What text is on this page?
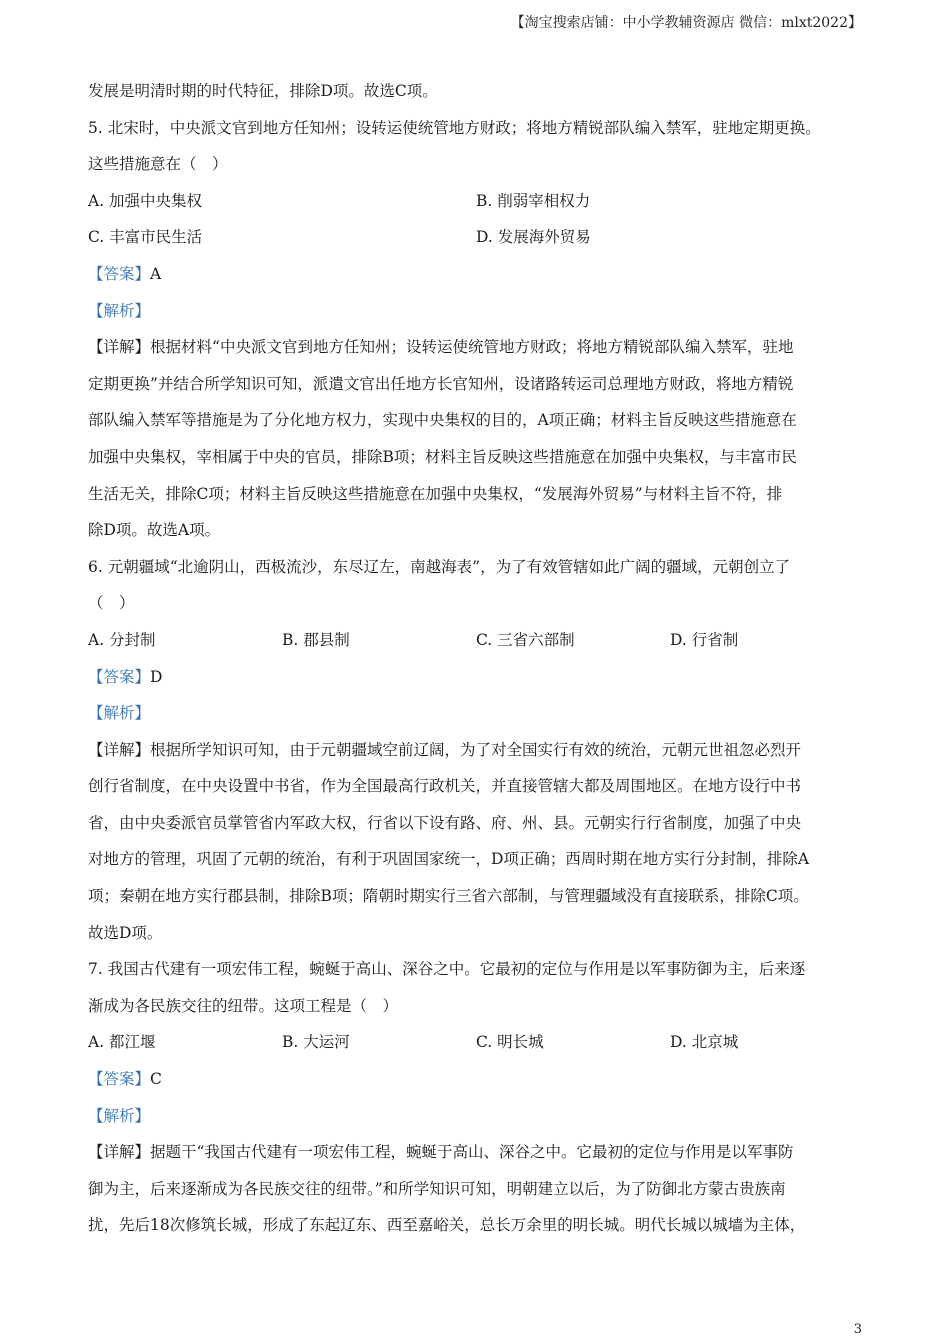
【淘宝搜索店铺：中小学教辅资源店 微信：mlxt2022】
发展是明清时期的时代特征，排除D项。故选C项。
5. 北宋时，中央派文官到地方任知州；设转运使统管地方财政；将地方精锐部队编入禁军，驻地定期更换。
这些措施意在（　）
A. 加强中央集权	B. 削弱宰相权力
C. 丰富市民生活	D. 发展海外贸易
【答案】A
【解析】
【详解】根据材料“中央派文官到地方任知州；设转运使统管地方财政；将地方精锐部队编入禁军，驻地
定期更换”并结合所学知识可知，派遣文官出任地方长官知州，设诸路转运司总理地方财政，将地方精锐
部队编入禁军等措施是为了分化地方权力，实现中央集权的目的，A项正确；材料主旨反映这些措施意在
加强中央集权，宰相属于中央的官员，排除B项；材料主旨反映这些措施意在加强中央集权，与丰富市民
生活无关，排除C项；材料主旨反映这些措施意在加强中央集权，“发展海外贸易”与材料主旨不符，排
除D项。故选A项。
6. 元朝疆域“北逾阴山，西极流沙，东尽辽左，南越海表”，为了有效管辖如此广阔的疆域，元朝创立了
（　）
A. 分封制	B. 郡县制	C. 三省六部制	D. 行省制
【答案】D
【解析】
【详解】根据所学知识可知，由于元朝疆域空前辽阔，为了对全国实行有效的统治，元朝元世祖忽必烈开
创行省制度，在中央设置中书省，作为全国最高行政机关，并直接管辖大都及周围地区。在地方设行中书
省，由中央委派官员掌管省内军政大权，行省以下设有路、府、州、县。元朝实行行省制度，加强了中央
对地方的管理，巩固了元朝的统治，有利于巩固国家统一，D项正确；西周时期在地方实行分封制，排除A
项；秦朝在地方实行郡县制，排除B项；隋朝时期实行三省六部制，与管理疆域没有直接联系，排除C项。
故选D项。
7. 我国古代建有一项宏伟工程，蜿蜒于高山、深谷之中。它最初的定位与作用是以军事防御为主，后来逐
渐成为各民族交往的纽带。这项工程是（　）
A. 都江堰	B. 大运河	C. 明长城	D. 北京城
【答案】C
【解析】
【详解】据题干“我国古代建有一项宏伟工程，蜿蜒于高山、深谷之中。它最初的定位与作用是以军事防
御为主，后来逐渐成为各民族交往的纽带。”和所学知识可知，明朝建立以后，为了防御北方蒙古贵族南
扰，先后18次修筑长城，形成了东起辽东、西至嘉峪关，总长万余里的明长城。明代长城以城墙为主体，
3
